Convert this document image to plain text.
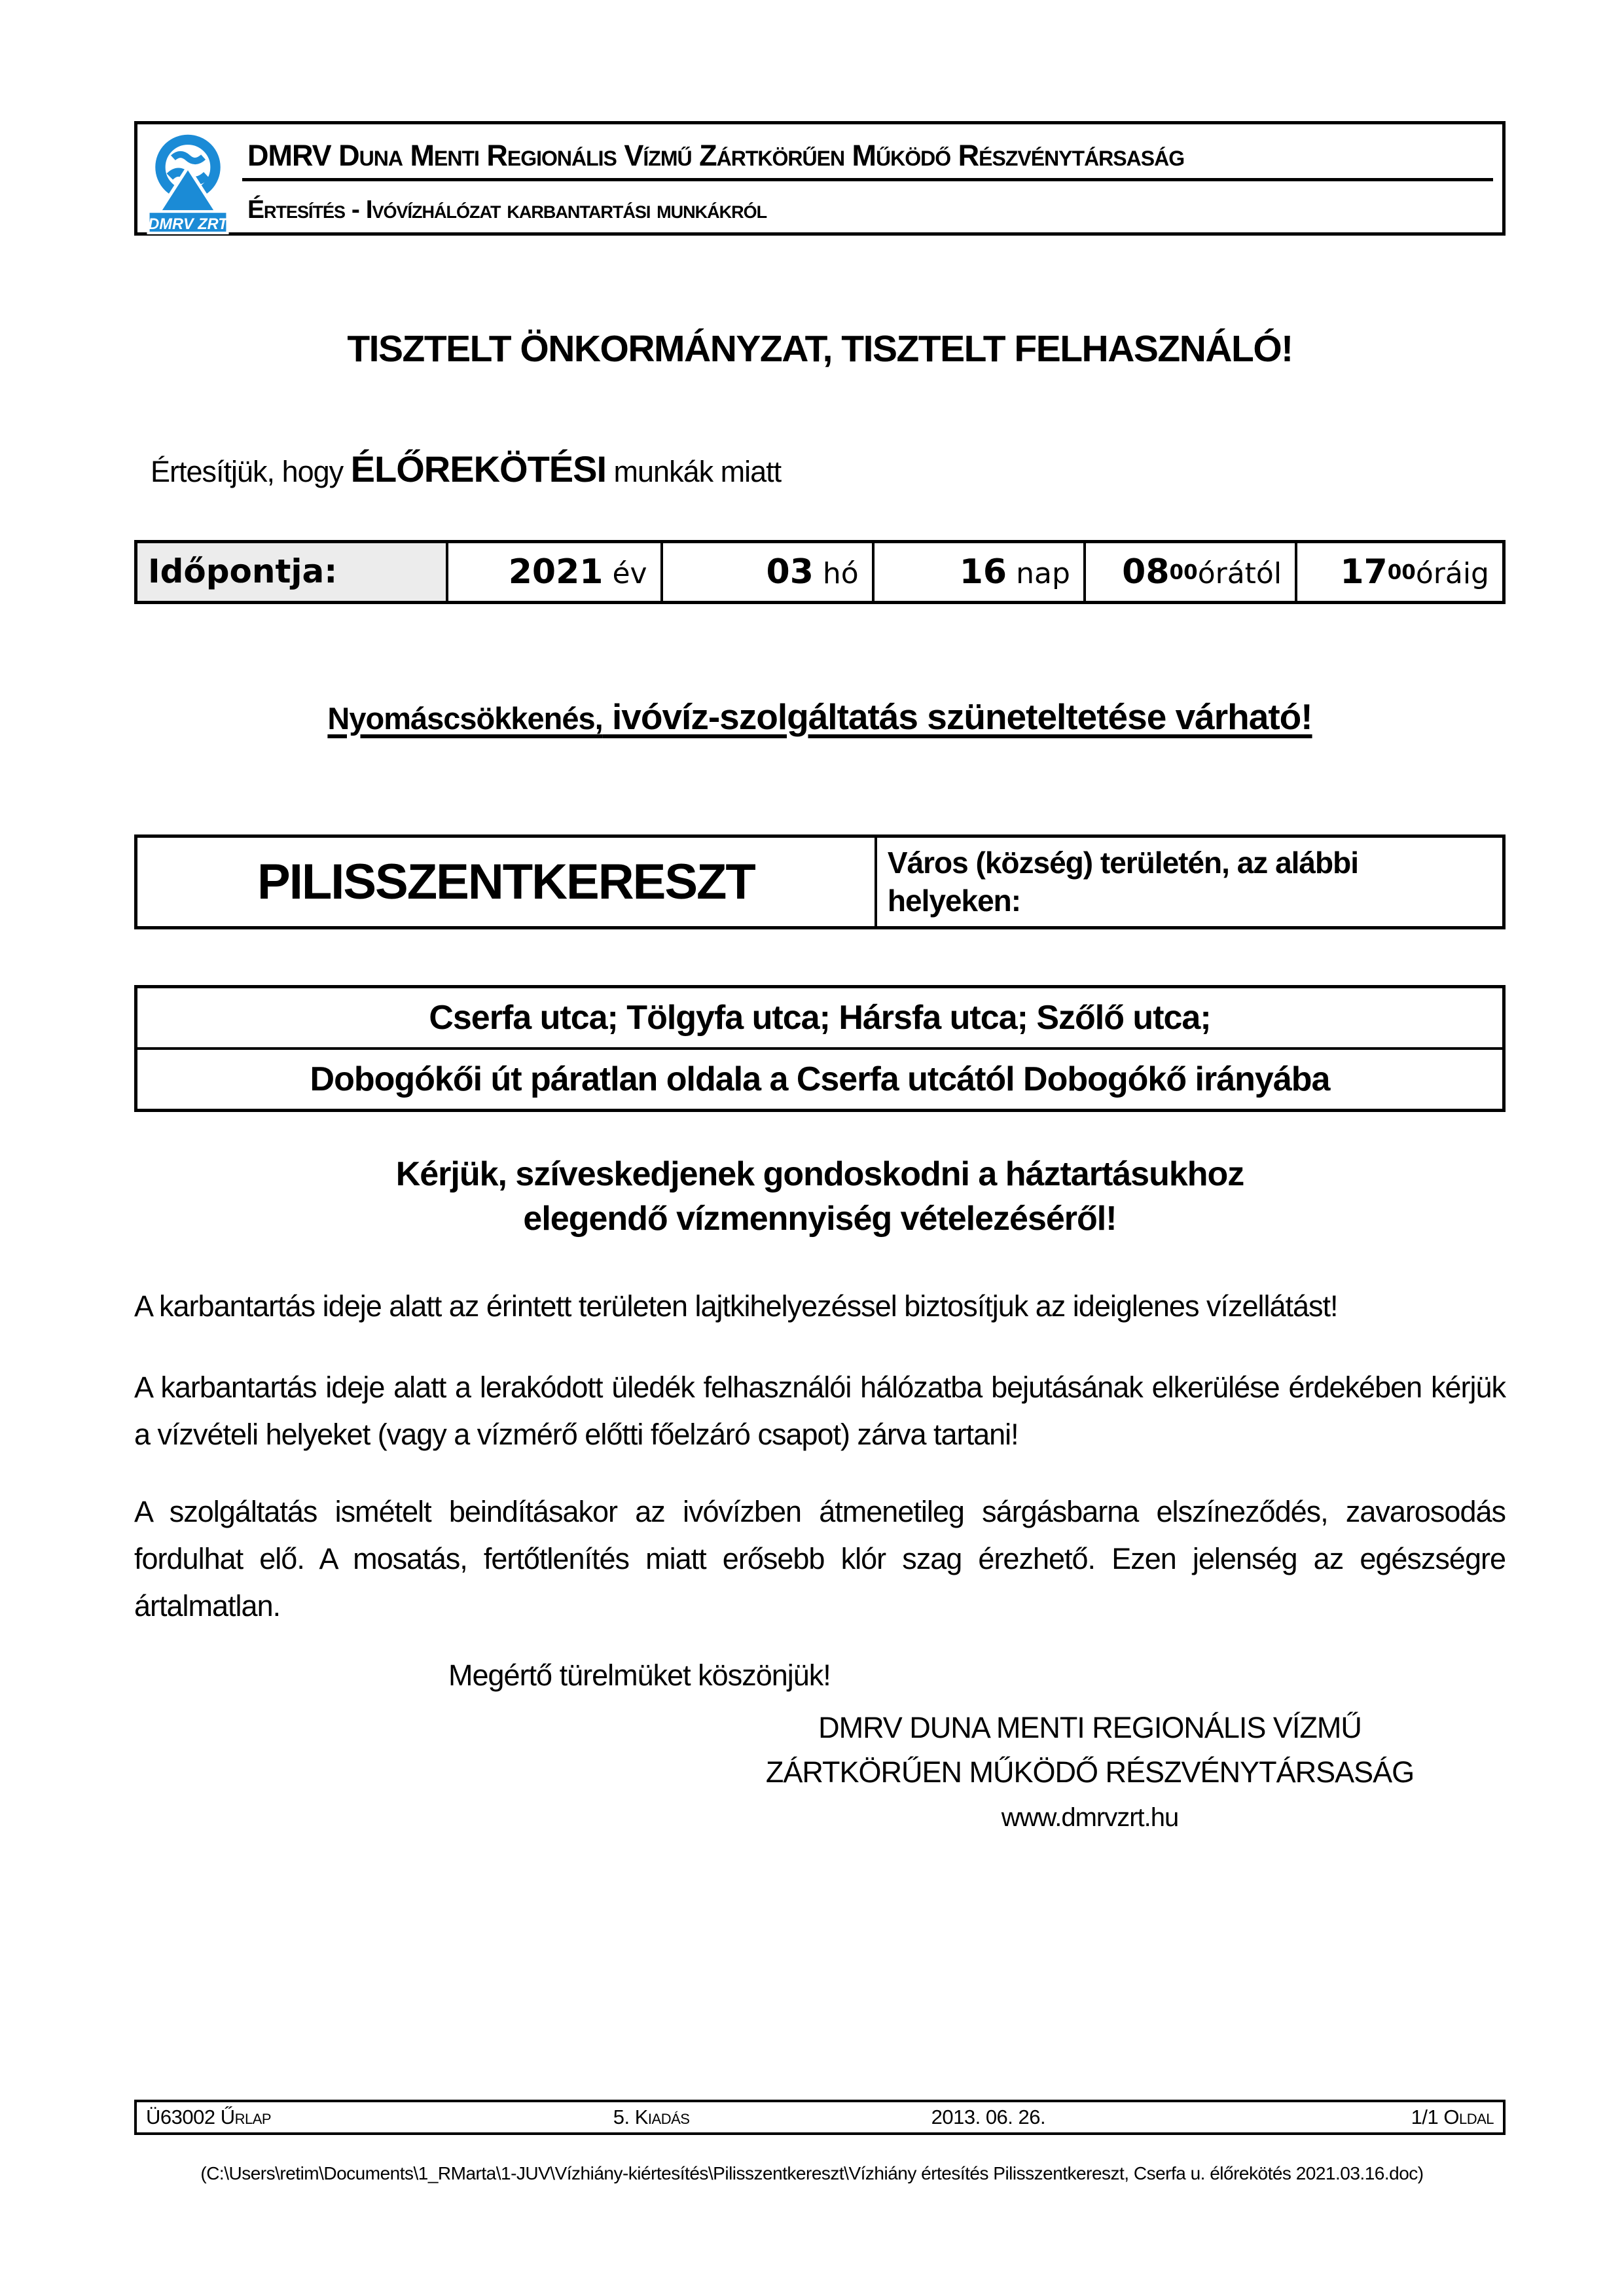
DMRV ZRT
DMRV Duna Menti Regionális Vízmű Zártkörűen Működő Részvénytársaság
Értesítés - Ivóvízhálózat karbantartási munkákról
TISZTELT ÖNKORMÁNYZAT, TISZTELT FELHASZNÁLÓ!

Értesítjük, hogy ÉLŐREKÖTÉSI munkák miatt

Időpontja:	2021 év	03 hó	16 nap	0800órától	1700óráig

Nyomáscsökkenés, ivóvíz-szolgáltatás szüneteltetése várható!

PILISSZENTKERESZT	Város (község) területén, az alábbi helyeken:
Cserfa utca; Tölgyfa utca; Hársfa utca; Szőlő utca;
Dobogókői út páratlan oldala a Cserfa utcától Dobogókő irányába

Kérjük, szíveskedjenek gondoskodni a háztartásukhoz
elegendő vízmennyiség vételezéséről!

A karbantartás ideje alatt az érintett területen lajtkihelyezéssel biztosítjuk az ideiglenes vízellátást!

A karbantartás ideje alatt a lerakódott üledék felhasználói hálózatba bejutásának elkerülése érdekében kérjük a vízvételi helyeket (vagy a vízmérő előtti főelzáró csapot) zárva tartani!

A szolgáltatás ismételt beindításakor az ivóvízben átmenetileg sárgásbarna elszíneződés, zavarosodás fordulhat elő. A mosatás, fertőtlenítés miatt erősebb klór szag érezhető. Ezen jelenség az egészségre ártalmatlan.

Megértő türelmüket köszönjük!

DMRV DUNA MENTI REGIONÁLIS VÍZMŰ
ZÁRTKÖRŰEN MŰKÖDŐ RÉSZVÉNYTÁRSASÁG
www.dmrvzrt.hu
Ü63002 Űrlap	5. Kiadás	2013. 06. 26.	1/1 Oldal
(C:\Users\retim\Documents\1_RMarta\1-JUV\Vízhiány-kiértesítés\Pilisszentkereszt\Vízhiány értesítés Pilisszentkereszt, Cserfa u. élőrekötés 2021.03.16.doc)
